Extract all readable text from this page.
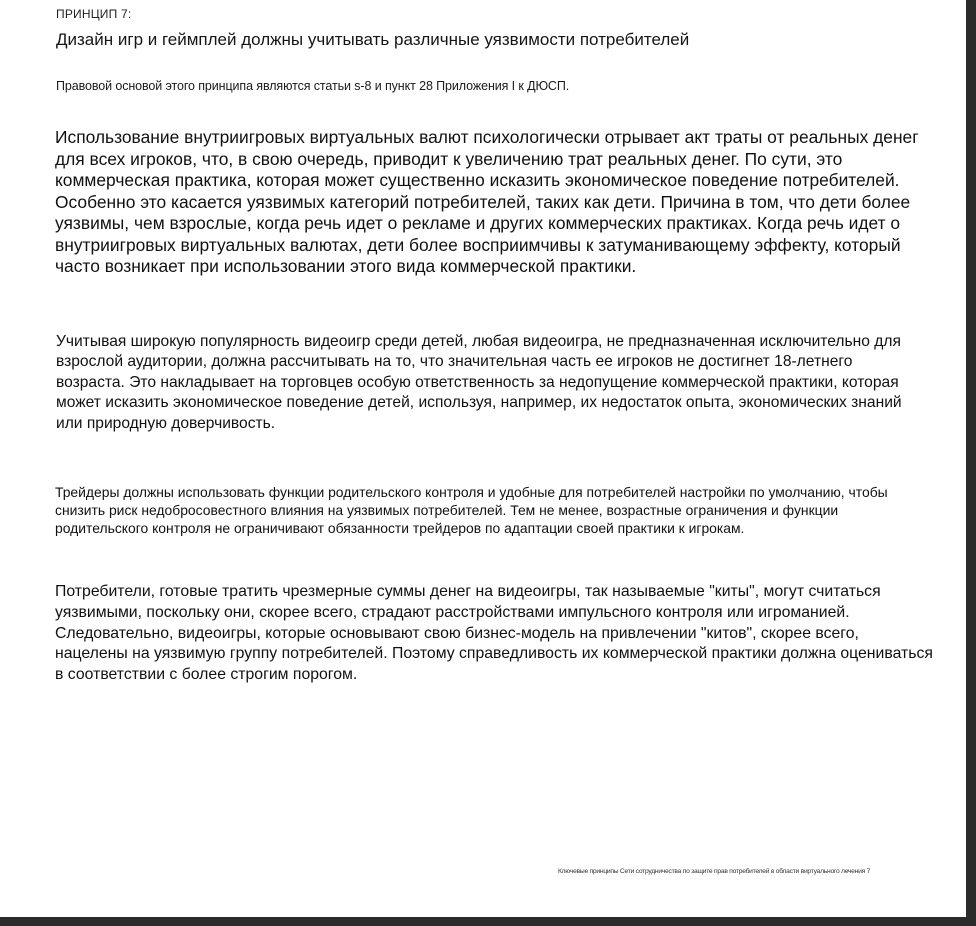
ПРИНЦИП 7:

Дизайн игр и геймплей должны учитывать различные уязвимости потребителей

Правовой основой этого принципа являются статьи s-8 и пункт 28 Приложения I к ДЮСП.

Использование внутриигровых виртуальных валют психологически отрывает акт траты от реальных денег для всех игроков, что, в свою очередь, приводит к увеличению трат реальных денег. По сути, это коммерческая практика, которая может существенно исказить экономическое поведение потребителей. Особенно это касается уязвимых категорий потребителей, таких как дети. Причина в том, что дети более уязвимы, чем взрослые, когда речь идет о рекламе и других коммерческих практиках. Когда речь идет о внутриигровых виртуальных валютах, дети более восприимчивы к затуманивающему эффекту, который часто возникает при использовании этого вида коммерческой практики.

Учитывая широкую популярность видеоигр среди детей, любая видеоигра, не предназначенная исключительно для взрослой аудитории, должна рассчитывать на то, что значительная часть ее игроков не достигнет 18-летнего возраста. Это накладывает на торговцев особую ответственность за недопущение коммерческой практики, которая может исказить экономическое поведение детей, используя, например, их недостаток опыта, экономических знаний или природную доверчивость.

Трейдеры должны использовать функции родительского контроля и удобные для потребителей настройки по умолчанию, чтобы снизить риск недобросовестного влияния на уязвимых потребителей. Тем не менее, возрастные ограничения и функции родительского контроля не ограничивают обязанности трейдеров по адаптации своей практики к игрокам.

Потребители, готовые тратить чрезмерные суммы денег на видеоигры, так называемые "киты", могут считаться уязвимыми, поскольку они, скорее всего, страдают расстройствами импульсного контроля или игроманией. Следовательно, видеоигры, которые основывают свою бизнес-модель на привлечении "китов", скорее всего, нацелены на уязвимую группу потребителей. Поэтому справедливость их коммерческой практики должна оцениваться в соответствии с более строгим порогом.

Ключевые принципы Сети сотрудничества по защите прав потребителей в области виртуального лечения 7
